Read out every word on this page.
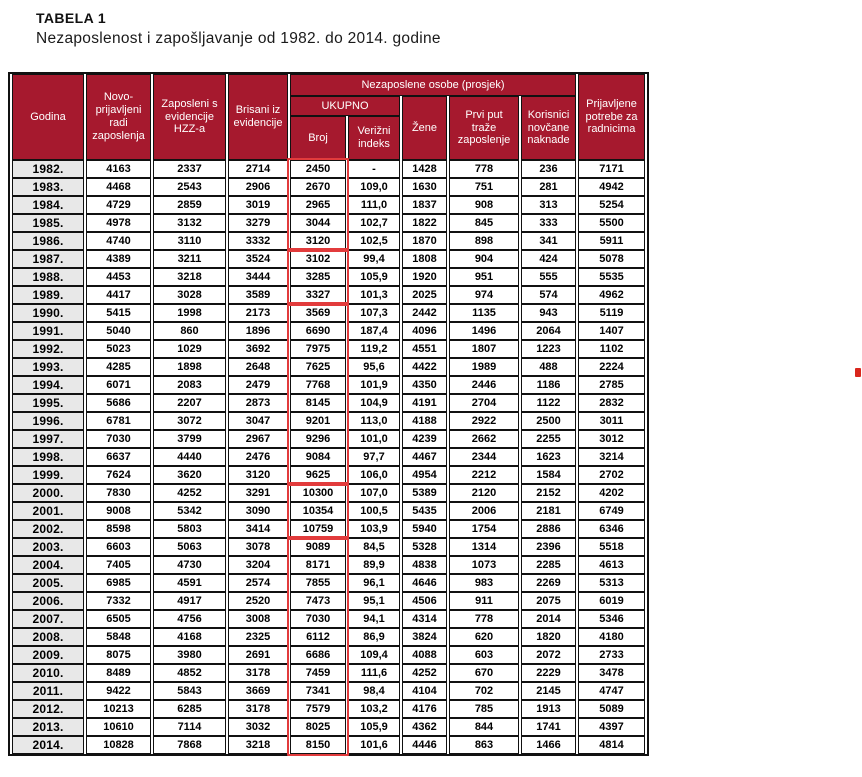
TABELA 1
Nezaposlenost i zapošljavanje od 1982. do 2014. godine
Godina	Novo-prijavljeni radi zaposlenja	Zaposleni s evidencije HZZ-a	Brisani iz evidencije	Nezaposlene osobe (prosjek)					Prijavljene potrebe za radnicima
				UKUPNO		Žene	Prvi put traže zaposlenje	Korisnici novčane naknade	
				Broj	Verižni indeks				
1982.	4163	2337	2714	2450	-	1428	778	236	7171
1983.	4468	2543	2906	2670	109,0	1630	751	281	4942
1984.	4729	2859	3019	2965	111,0	1837	908	313	5254
1985.	4978	3132	3279	3044	102,7	1822	845	333	5500
1986.	4740	3110	3332	3120	102,5	1870	898	341	5911
1987.	4389	3211	3524	3102	99,4	1808	904	424	5078
1988.	4453	3218	3444	3285	105,9	1920	951	555	5535
1989.	4417	3028	3589	3327	101,3	2025	974	574	4962
1990.	5415	1998	2173	3569	107,3	2442	1135	943	5119
1991.	5040	860	1896	6690	187,4	4096	1496	2064	1407
1992.	5023	1029	3692	7975	119,2	4551	1807	1223	1102
1993.	4285	1898	2648	7625	95,6	4422	1989	488	2224
1994.	6071	2083	2479	7768	101,9	4350	2446	1186	2785
1995.	5686	2207	2873	8145	104,9	4191	2704	1122	2832
1996.	6781	3072	3047	9201	113,0	4188	2922	2500	3011
1997.	7030	3799	2967	9296	101,0	4239	2662	2255	3012
1998.	6637	4440	2476	9084	97,7	4467	2344	1623	3214
1999.	7624	3620	3120	9625	106,0	4954	2212	1584	2702
2000.	7830	4252	3291	10300	107,0	5389	2120	2152	4202
2001.	9008	5342	3090	10354	100,5	5435	2006	2181	6749
2002.	8598	5803	3414	10759	103,9	5940	1754	2886	6346
2003.	6603	5063	3078	9089	84,5	5328	1314	2396	5518
2004.	7405	4730	3204	8171	89,9	4838	1073	2285	4613
2005.	6985	4591	2574	7855	96,1	4646	983	2269	5313
2006.	7332	4917	2520	7473	95,1	4506	911	2075	6019
2007.	6505	4756	3008	7030	94,1	4314	778	2014	5346
2008.	5848	4168	2325	6112	86,9	3824	620	1820	4180
2009.	8075	3980	2691	6686	109,4	4088	603	2072	2733
2010.	8489	4852	3178	7459	111,6	4252	670	2229	3478
2011.	9422	5843	3669	7341	98,4	4104	702	2145	4747
2012.	10213	6285	3178	7579	103,2	4176	785	1913	5089
2013.	10610	7114	3032	8025	105,9	4362	844	1741	4397
2014.	10828	7868	3218	8150	101,6	4446	863	1466	4814
